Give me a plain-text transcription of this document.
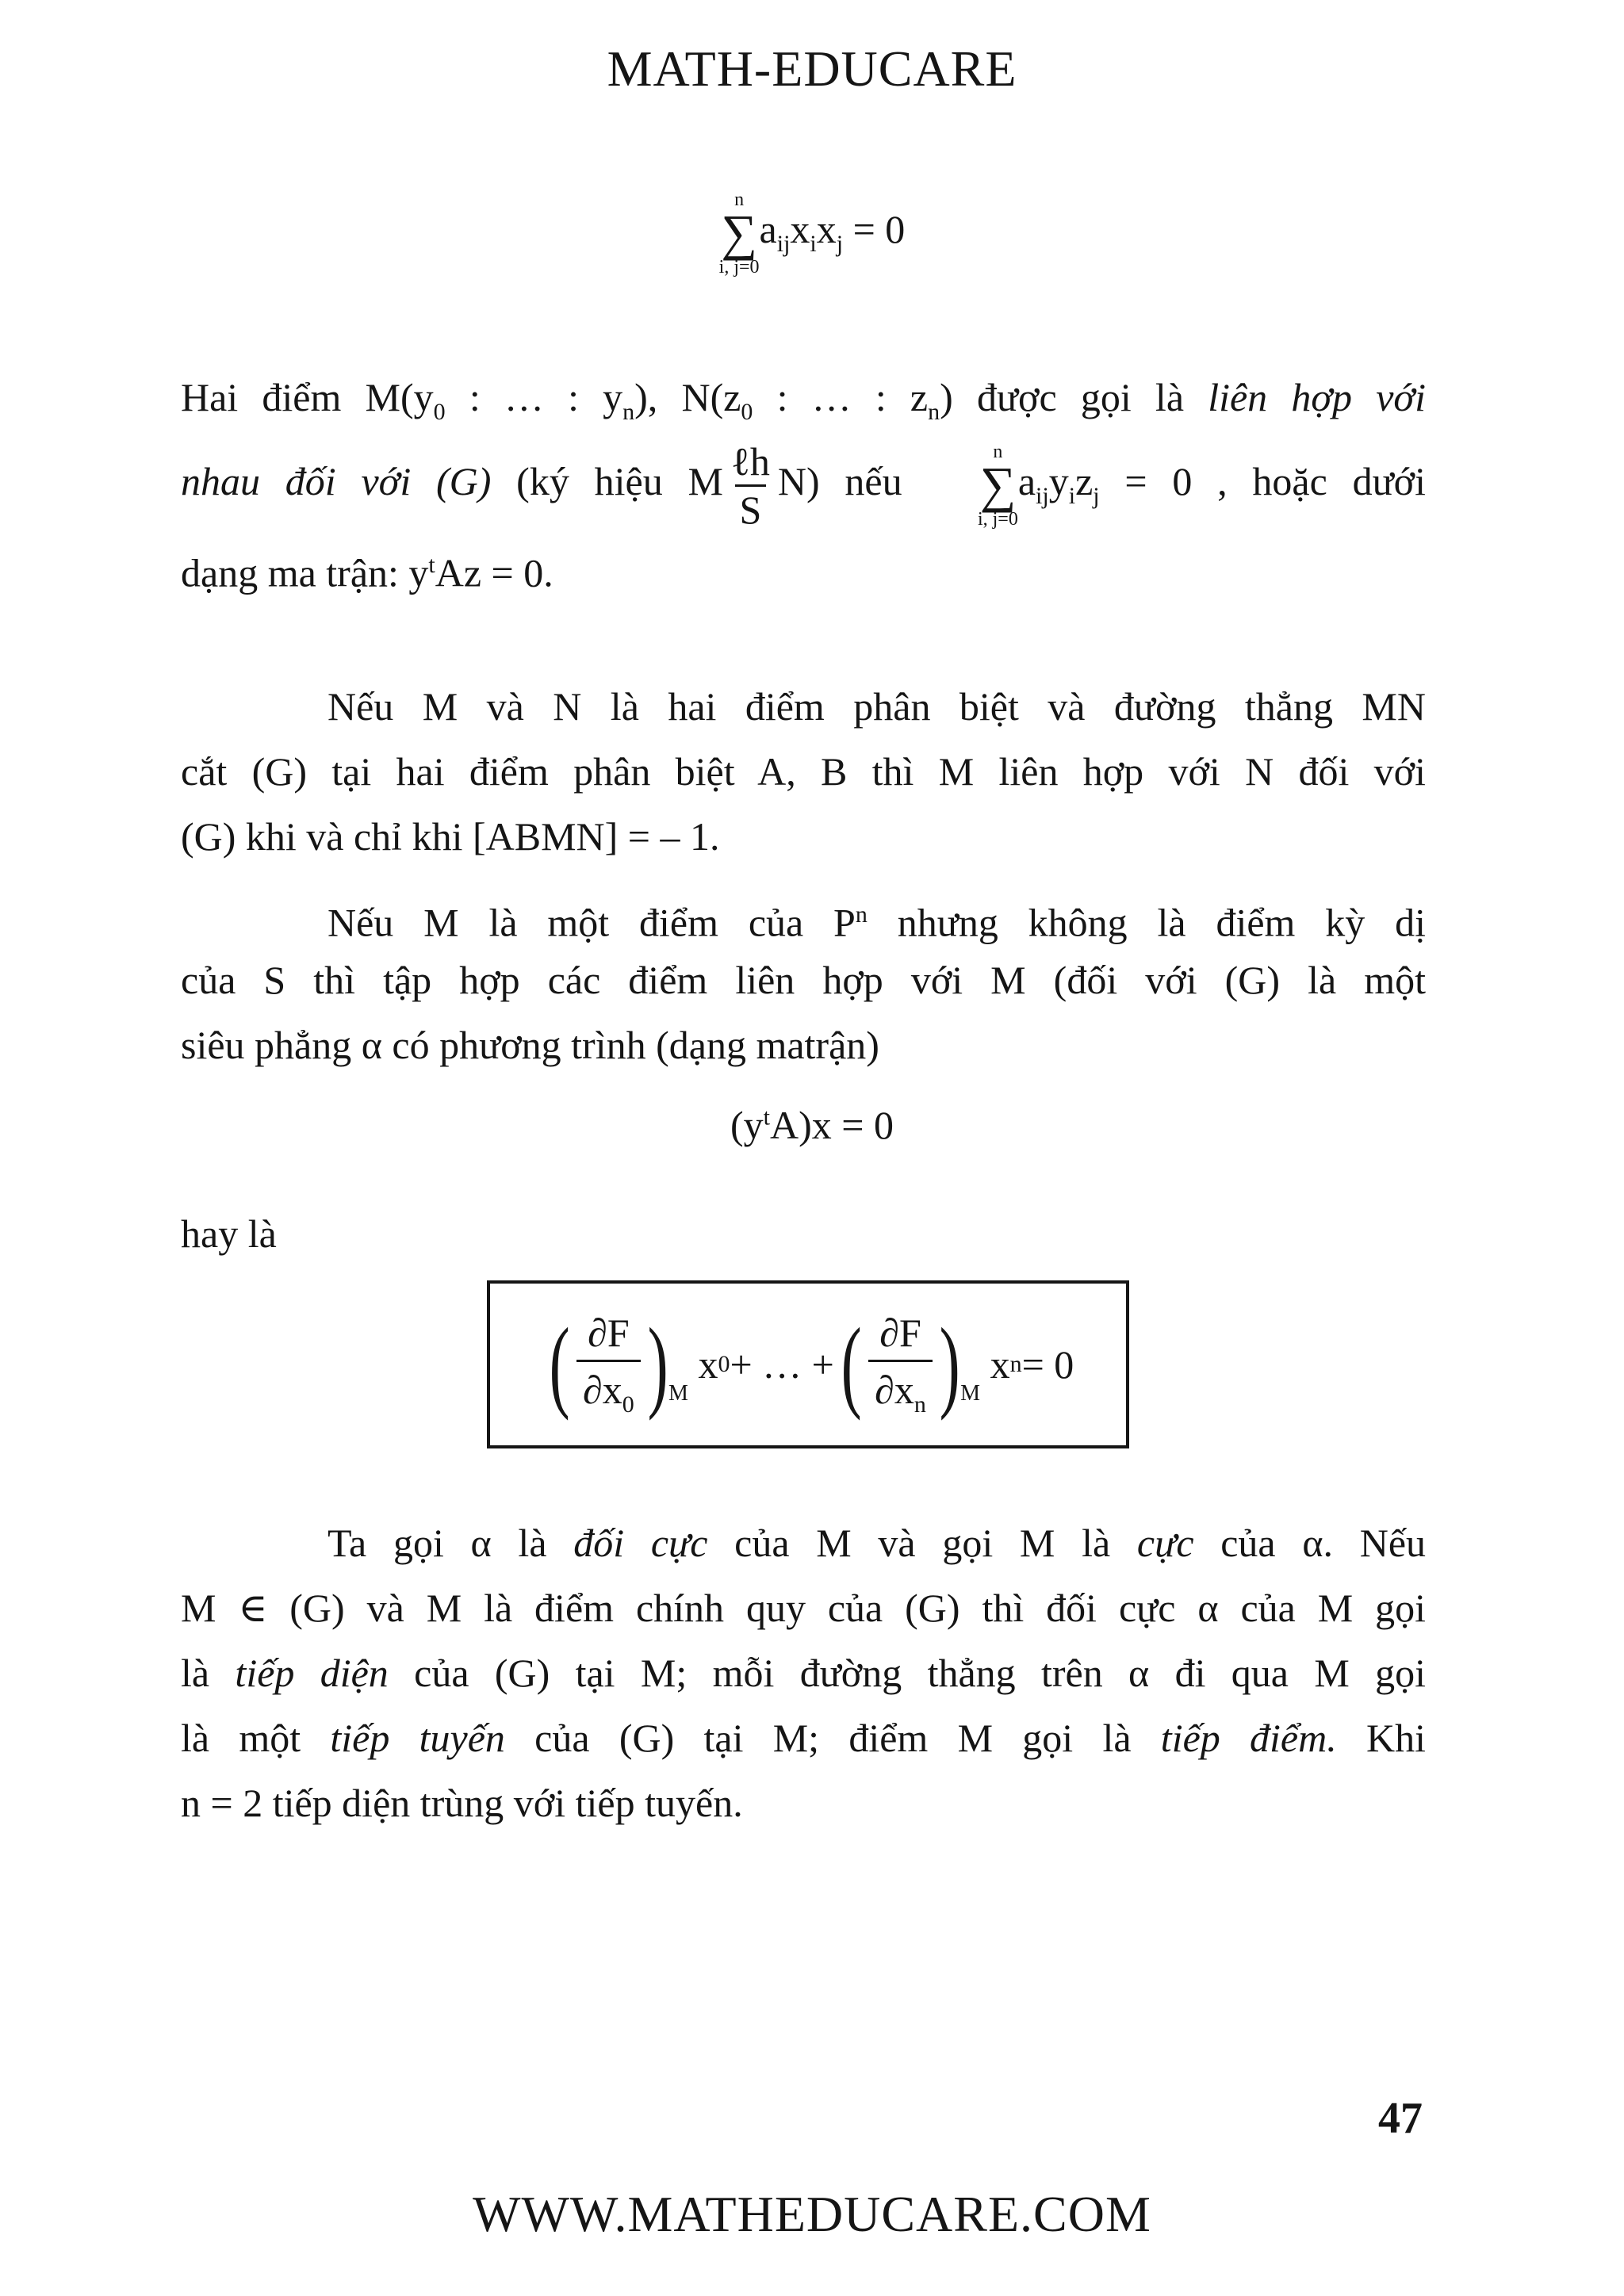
MATH-EDUCARE
n
∑
i, j=0
$a_{ij}x_ix_j = 0$
Hai điểm $M(y_0$ : … : $y_n$), $N(z_0$ : … : $z_n$) được gọi là liên hợp với
nhau đối với (G) (ký hiệu M $\frac{\text{ℓh}}{S} N$) nếu
n
∑
i, j=0
$a_{ij}y_iz_j = 0$ , hoặc dưới
dạng ma trận: $y^tAz = 0$.
Nếu M và N là hai điểm phân biệt và đường thẳng MN
cắt (G) tại hai điểm phân biệt A, B thì M liên hợp với N đối với
(G) khi và chỉ khi [ABMN] = – 1.
Nếu M là một điểm của $P^n$ nhưng không là điểm kỳ dị
của S thì tập hợp các điểm liên hợp với M (đối với (G) là một
siêu phẳng α có phương trình (dạng matrận)
$(y^tA)x = 0$
hay là
( $\frac{\partial F}{\partial x_0}$ ) M

x 0 + … + ( $\frac{\partial F}{\partial x_n}$ ) M

x n = 0
Ta gọi α là đối cực của M và gọi M là cực của α. Nếu
M ∈ (G) và M là điểm chính quy của (G) thì đối cực α của M gọi
là tiếp diện của (G) tại M; mỗi đường thẳng trên α đi qua M gọi
là một tiếp tuyến của (G) tại M; điểm M gọi là tiếp điểm. Khi
n = 2 tiếp diện trùng với tiếp tuyến.
47
WWW.MATHEDUCARE.COM
